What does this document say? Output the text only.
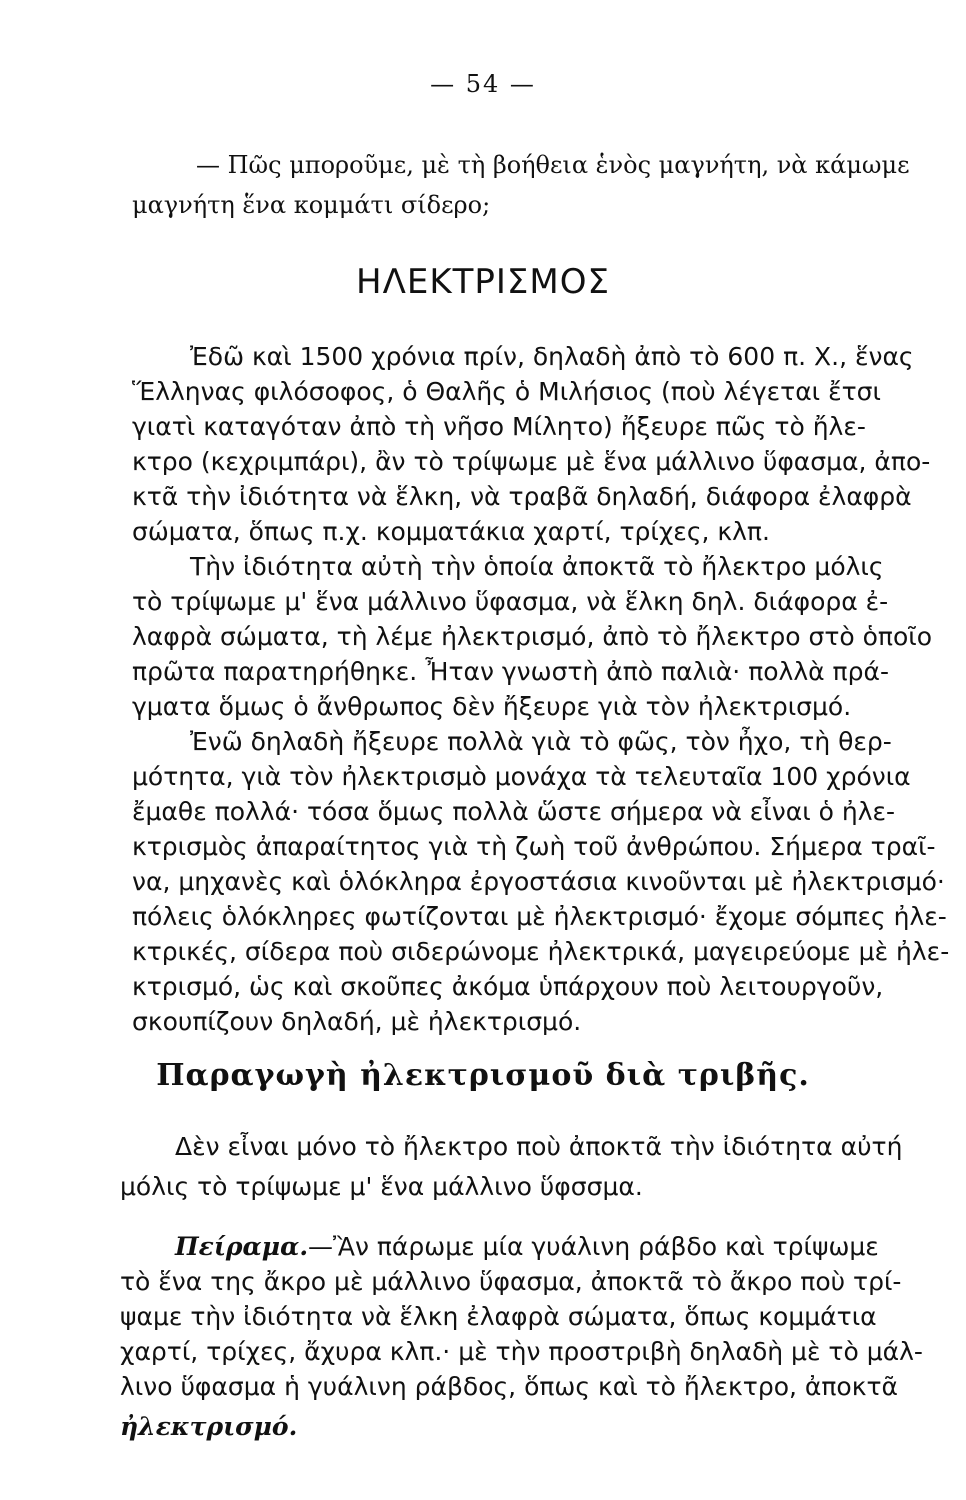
— 54 —
— Πῶς μποροῦμε, μὲ τὴ βοήθεια ἑνὸς μαγνήτη, νὰ κάμωμε
μαγνήτη ἕνα κομμάτι σίδερο;
ΗΛΕΚΤΡΙΣΜΟΣ
Ἐδῶ καὶ 1500 χρόνια πρίν, δηλαδὴ ἀπὸ τὸ 600 π. Χ., ἕνας
Ἕλληνας φιλόσοφος, ὁ Θαλῆς ὁ Μιλήσιος (ποὺ λέγεται ἔτσι
γιατὶ καταγόταν ἀπὸ τὴ νῆσο Μίλητο) ἤξευρε πῶς τὸ ἤλε-
κτρο (κεχριμπάρι), ἂν τὸ τρίψωμε μὲ ἕνα μάλλινο ὕφασμα, ἀπο-
κτᾶ τὴν ἰδιότητα νὰ ἕλκη, νὰ τραβᾶ δηλαδή, διάφορα ἐλαφρὰ
σώματα, ὅπως π.χ. κομματάκια χαρτί, τρίχες, κλπ.
Τὴν ἰδιότητα αὐτὴ τὴν ὁποία ἀποκτᾶ τὸ ἤλεκτρο μόλις
τὸ τρίψωμε μ' ἕνα μάλλινο ὕφασμα, νὰ ἕλκη δηλ. διάφορα ἐ-
λαφρὰ σώματα, τὴ λέμε ἠλεκτρισμό, ἀπὸ τὸ ἤλεκτρο στὸ ὁποῖο
πρῶτα παρατηρήθηκε. Ἦταν γνωστὴ ἀπὸ παλιὰ· πολλὰ πρά-
γματα ὅμως ὁ ἄνθρωπος δὲν ἤξευρε γιὰ τὸν ἠλεκτρισμό.
Ἐνῶ δηλαδὴ ἤξευρε πολλὰ γιὰ τὸ φῶς, τὸν ἦχο, τὴ θερ-
μότητα, γιὰ τὸν ἠλεκτρισμὸ μονάχα τὰ τελευταῖα 100 χρόνια
ἔμαθε πολλά· τόσα ὅμως πολλὰ ὥστε σήμερα νὰ εἶναι ὁ ἠλε-
κτρισμὸς ἀπαραίτητος γιὰ τὴ ζωὴ τοῦ ἀνθρώπου. Σήμερα τραῖ-
να, μηχανὲς καὶ ὁλόκληρα ἐργοστάσια κινοῦνται μὲ ἠλεκτρισμό·
πόλεις ὁλόκληρες φωτίζονται μὲ ἠλεκτρισμό· ἔχομε σόμπες ἠλε-
κτρικές, σίδερα ποὺ σιδερώνομε ἠλεκτρικά, μαγειρεύομε μὲ ἠλε-
κτρισμό, ὡς καὶ σκοῦπες ἀκόμα ὑπάρχουν ποὺ λειτουργοῦν,
σκουπίζουν δηλαδή, μὲ ἠλεκτρισμό.
Παραγωγὴ ἠλεκτρισμοῦ διὰ τριβῆς.
Δὲν εἶναι μόνο τὸ ἤλεκτρο ποὺ ἀποκτᾶ τὴν ἰδιότητα αὐτή
μόλις τὸ τρίψωμε μ' ἕνα μάλλινο ὕφσσμα.
Πείραμα.—Ἂν πάρωμε μία γυάλινη ράβδο καὶ τρίψωμε
τὸ ἕνα της ἄκρο μὲ μάλλινο ὕφασμα, ἀποκτᾶ τὸ ἄκρο ποὺ τρί-
ψαμε τὴν ἰδιότητα νὰ ἕλκη ἐλαφρὰ σώματα, ὅπως κομμάτια
χαρτί, τρίχες, ἄχυρα κλπ.· μὲ τὴν προστριβὴ δηλαδὴ μὲ τὸ μάλ-
λινο ὕφασμα ἡ γυάλινη ράβδος, ὅπως καὶ τὸ ἤλεκτρο, ἀποκτᾶ
ἠλεκτρισμό.
